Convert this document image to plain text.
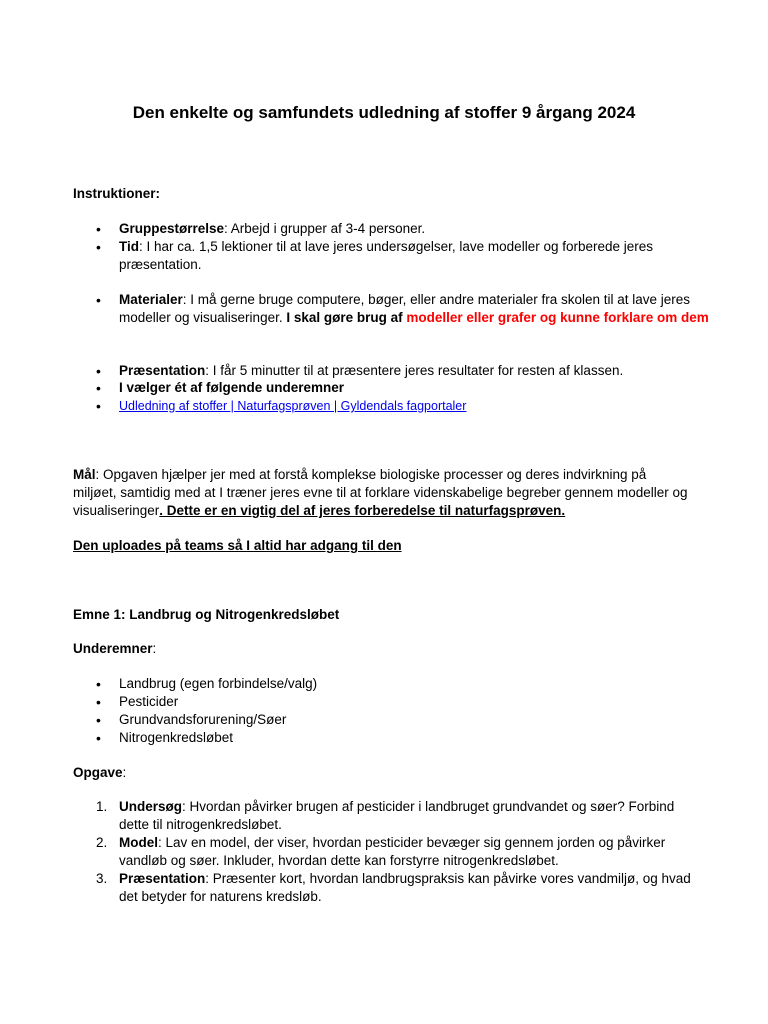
Den enkelte og samfundets udledning af stoffer 9 årgang 2024
Instruktioner:
• Gruppestørrelse: Arbejd i grupper af 3-4 personer.
• Tid: I har ca. 1,5 lektioner til at lave jeres undersøgelser, lave modeller og forberede jeres præsentation.
• Materialer: I må gerne bruge computere, bøger, eller andre materialer fra skolen til at lave jeres modeller og visualiseringer. I skal gøre brug af modeller eller grafer og kunne forklare om dem
• Præsentation: I får 5 minutter til at præsentere jeres resultater for resten af klassen.
• I vælger ét af følgende underemner
• Udledning af stoffer | Naturfagsprøven | Gyldendals fagportaler
Mål: Opgaven hjælper jer med at forstå komplekse biologiske processer og deres indvirkning på miljøet, samtidig med at I træner jeres evne til at forklare videnskabelige begreber gennem modeller og visualiseringer. Dette er en vigtig del af jeres forberedelse til naturfagsprøven.
Den uploades på teams så I altid har adgang til den
Emne 1: Landbrug og Nitrogenkredsløbet
Underemner:
• Landbrug (egen forbindelse/valg)
• Pesticider
• Grundvandsforurening/Søer
• Nitrogenkredsløbet
Opgave:
1. Undersøg: Hvordan påvirker brugen af pesticider i landbruget grundvandet og søer? Forbind dette til nitrogenkredsløbet.
2. Model: Lav en model, der viser, hvordan pesticider bevæger sig gennem jorden og påvirker vandløb og søer. Inkluder, hvordan dette kan forstyrre nitrogenkredsløbet.
3. Præsentation: Præsenter kort, hvordan landbrugspraksis kan påvirke vores vandmiljø, og hvad det betyder for naturens kredsløb.
